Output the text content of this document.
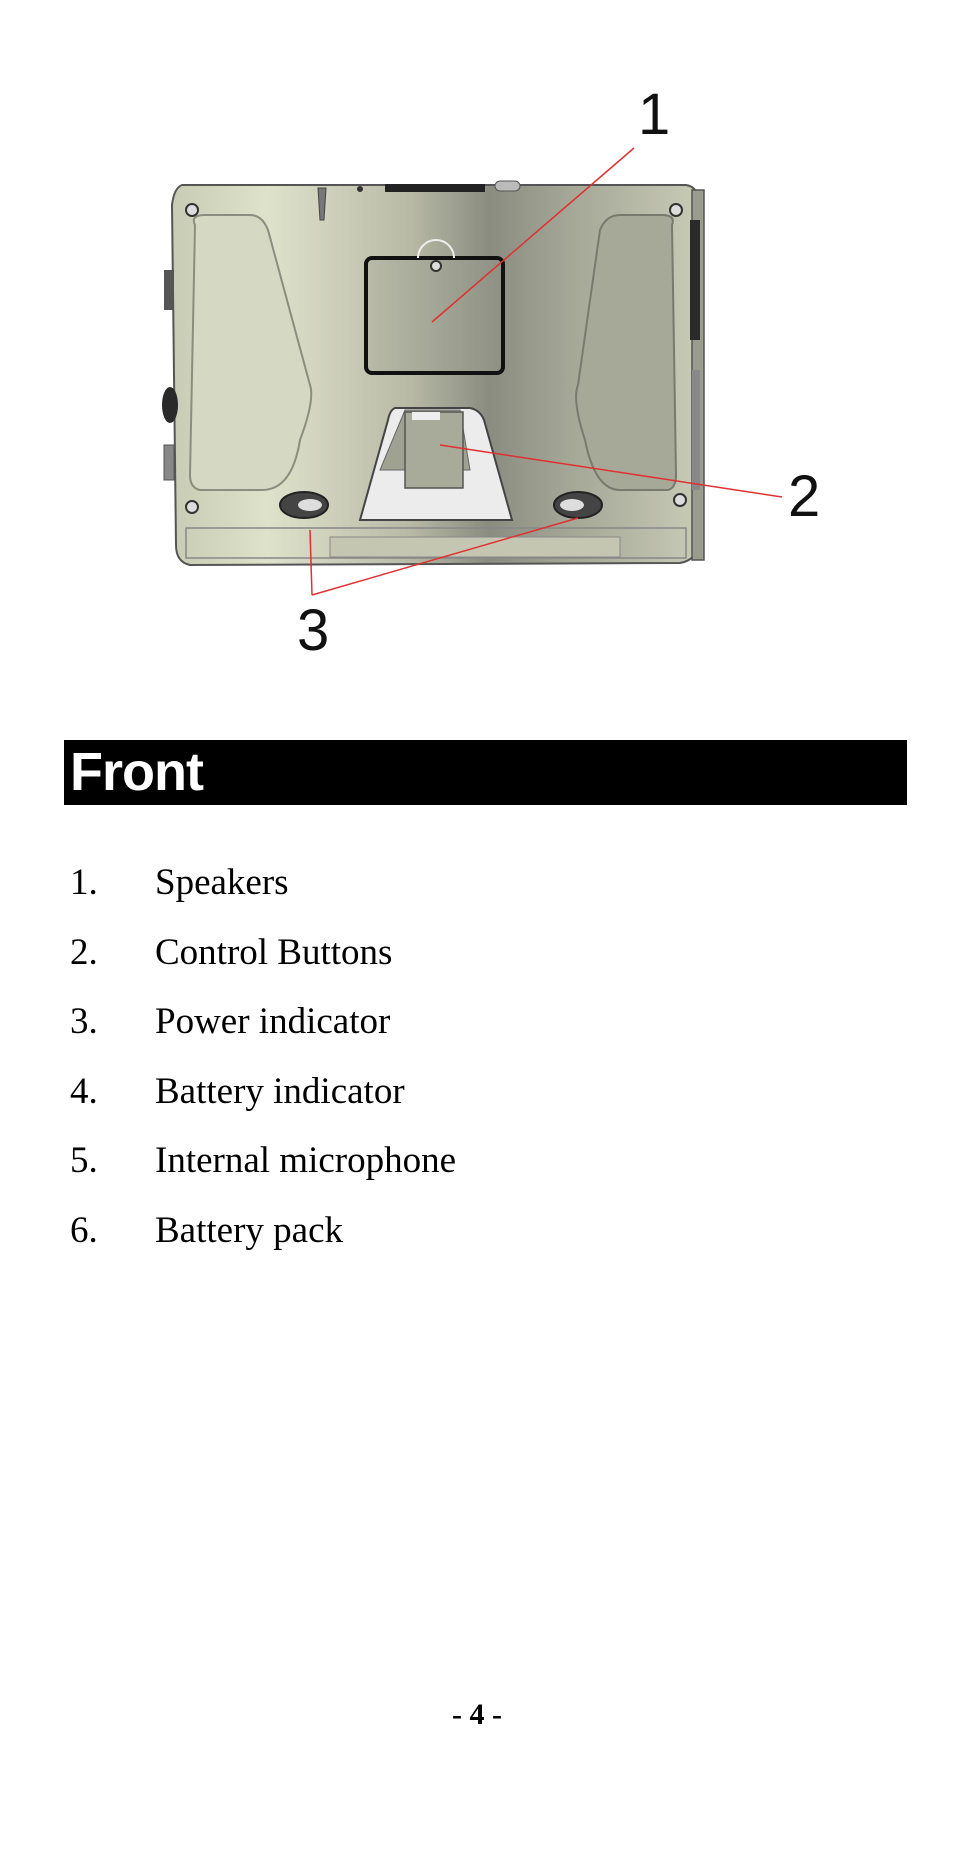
1
2
3
Front
1. Speakers
2. Control Buttons
3. Power indicator
4. Battery indicator
5. Internal microphone
6. Battery pack
- 4 -
